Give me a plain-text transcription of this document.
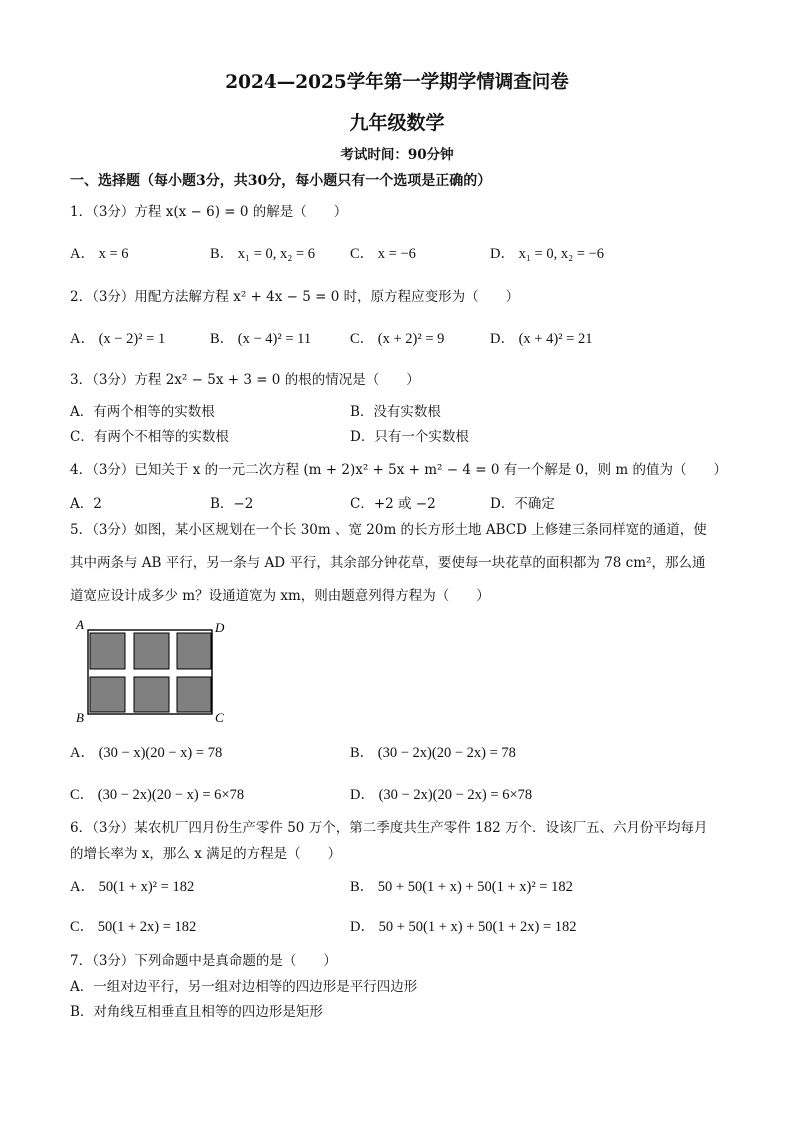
2024—2025学年第一学期学情调查问卷
九年级数学
考试时间：90分钟
一、选择题（每小题3分，共30分，每小题只有一个选项是正确的）
1．（3分）方程 x(x − 6) = 0 的解是（　　）
A． x = 6	B． x₁ = 0, x₂ = 6 C． x = −6	D． x₁ = 0, x₂ = −6
2．（3分）用配方法解方程 x² + 4x − 5 = 0 时，原方程应变形为（　　）
A． (x − 2)² = 1	B． (x − 4)² = 11	C． (x + 2)² = 9	D． (x + 4)² = 21
3．（3分）方程 2x² − 5x + 3 = 0 的根的情况是（　　）
A．有两个相等的实数根	B．没有实数根
C．有两个不相等的实数根	D．只有一个实数根
4．（3分）已知关于 x 的一元二次方程 (m + 2)x² + 5x + m² − 4 = 0 有一个解是 0，则 m 的值为（　　）
A．2	B．−2	C．+2 或 −2	D．不确定
5．（3分）如图，某小区规划在一个长 30m 、宽 20m 的长方形土地 ABCD 上修建三条同样宽的通道，使
其中两条与 AB 平行，另一条与 AD 平行，其余部分钟花草，要使每一块花草的面积都为 78 cm²，那么通
道宽应设计成多少 m？设通道宽为 xm，则由题意列得方程为（　　）
A	D
B	C
A． (30 − x)(20 − x) = 78	B． (30 − 2x)(20 − 2x) = 78
C． (30 − 2x)(20 − x) = 6×78	D． (30 − 2x)(20 − 2x) = 6×78
6．（3分）某农机厂四月份生产零件 50 万个，第二季度共生产零件 182 万个．设该厂五、六月份平均每月
的增长率为 x，那么 x 满足的方程是（　　）
A． 50(1 + x)² = 182	B． 50 + 50(1 + x) + 50(1 + x)² = 182
C． 50(1 + 2x) = 182	D． 50 + 50(1 + x) + 50(1 + 2x) = 182
7．（3分）下列命题中是真命题的是（　　）
A．一组对边平行，另一组对边相等的四边形是平行四边形
B．对角线互相垂直且相等的四边形是矩形
